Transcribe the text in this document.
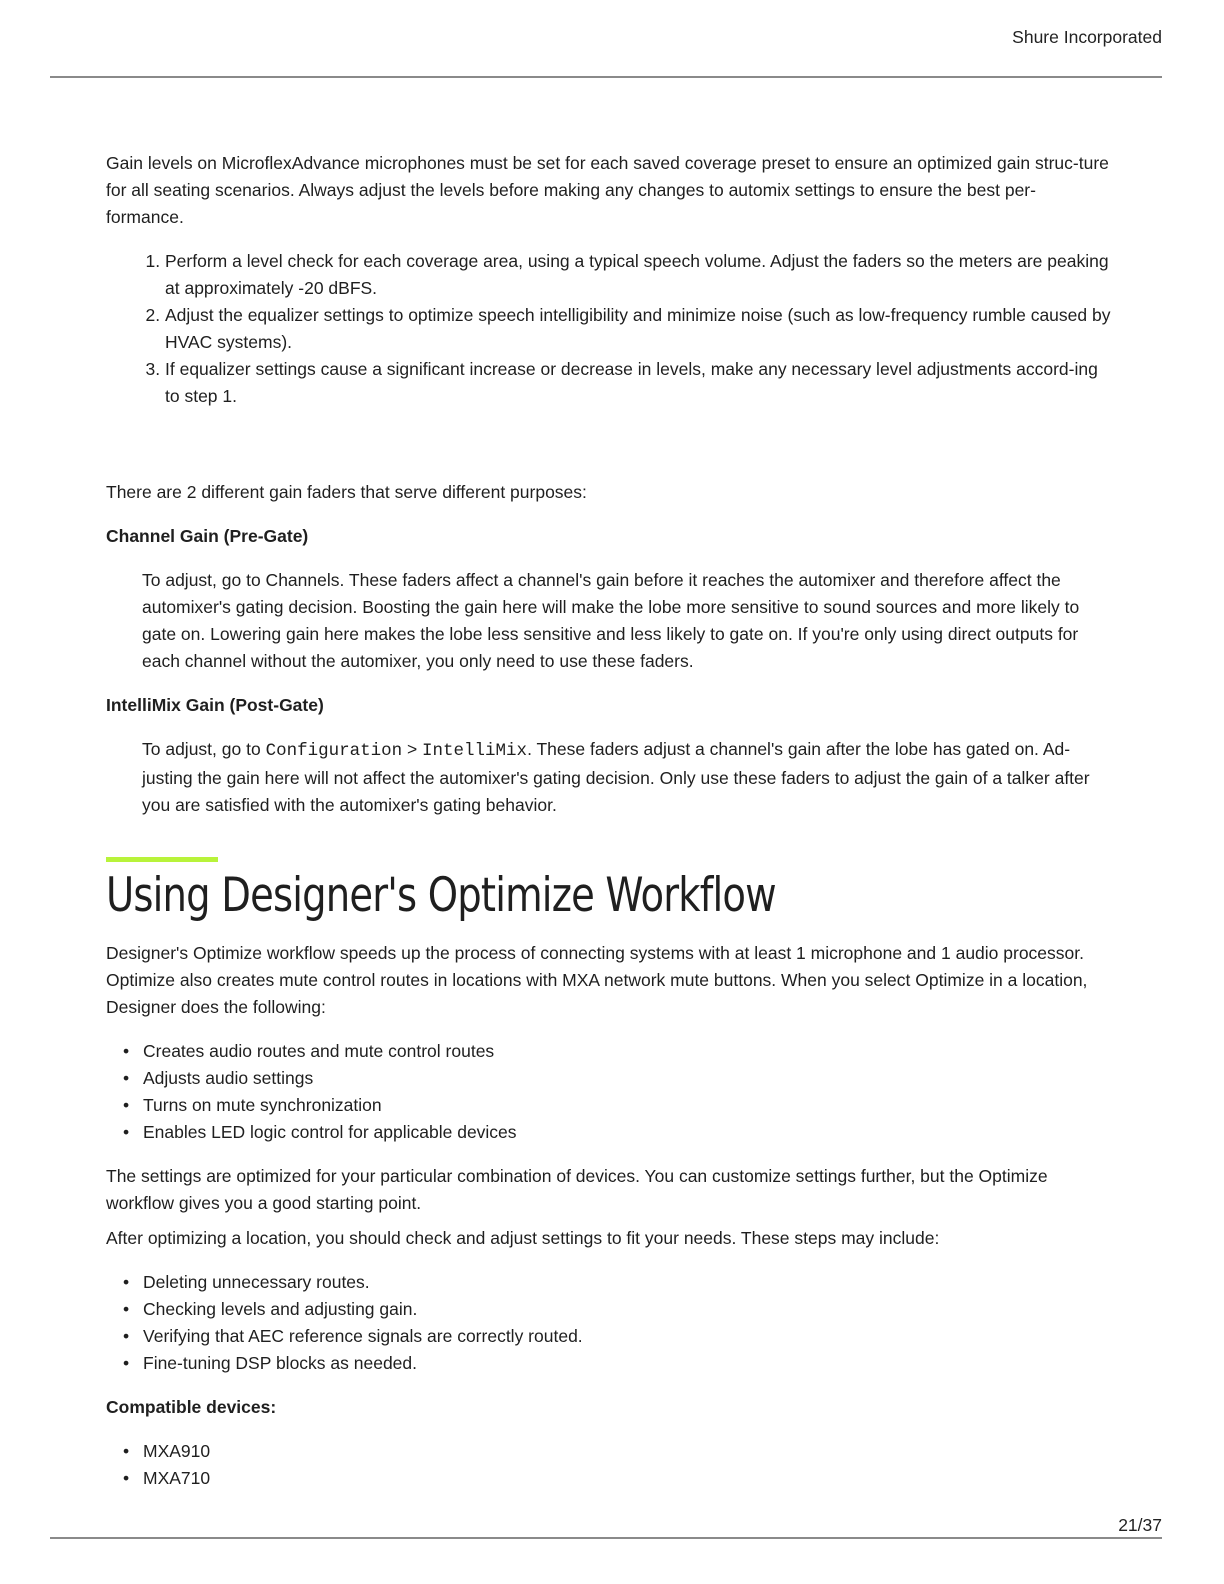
Shure Incorporated

Gain levels on MicroflexAdvance microphones must be set for each saved coverage preset to ensure an optimized gain struc-ture for all seating scenarios. Always adjust the levels before making any changes to automix settings to ensure the best per-formance.

1. Perform a level check for each coverage area, using a typical speech volume. Adjust the faders so the meters are peaking at approximately -20 dBFS.
2. Adjust the equalizer settings to optimize speech intelligibility and minimize noise (such as low-frequency rumble caused by HVAC systems).
3. If equalizer settings cause a significant increase or decrease in levels, make any necessary level adjustments accord-ing to step 1.

There are 2 different gain faders that serve different purposes:

Channel Gain (Pre-Gate)

To adjust, go to Channels. These faders affect a channel's gain before it reaches the automixer and therefore affect the automixer's gating decision. Boosting the gain here will make the lobe more sensitive to sound sources and more likely to gate on. Lowering gain here makes the lobe less sensitive and less likely to gate on. If you're only using direct outputs for each channel without the automixer, you only need to use these faders.

IntelliMix Gain (Post-Gate)

To adjust, go to Configuration > IntelliMix. These faders adjust a channel's gain after the lobe has gated on. Ad-justing the gain here will not affect the automixer's gating decision. Only use these faders to adjust the gain of a talker after you are satisfied with the automixer's gating behavior.

Using Designer's Optimize Workflow

Designer's Optimize workflow speeds up the process of connecting systems with at least 1 microphone and 1 audio processor. Optimize also creates mute control routes in locations with MXA network mute buttons. When you select Optimize in a location, Designer does the following:

• Creates audio routes and mute control routes
• Adjusts audio settings
• Turns on mute synchronization
• Enables LED logic control for applicable devices

The settings are optimized for your particular combination of devices. You can customize settings further, but the Optimize workflow gives you a good starting point.

After optimizing a location, you should check and adjust settings to fit your needs. These steps may include:

• Deleting unnecessary routes.
• Checking levels and adjusting gain.
• Verifying that AEC reference signals are correctly routed.
• Fine-tuning DSP blocks as needed.
Compatible devices:
• MXA910
• MXA710
21/37
